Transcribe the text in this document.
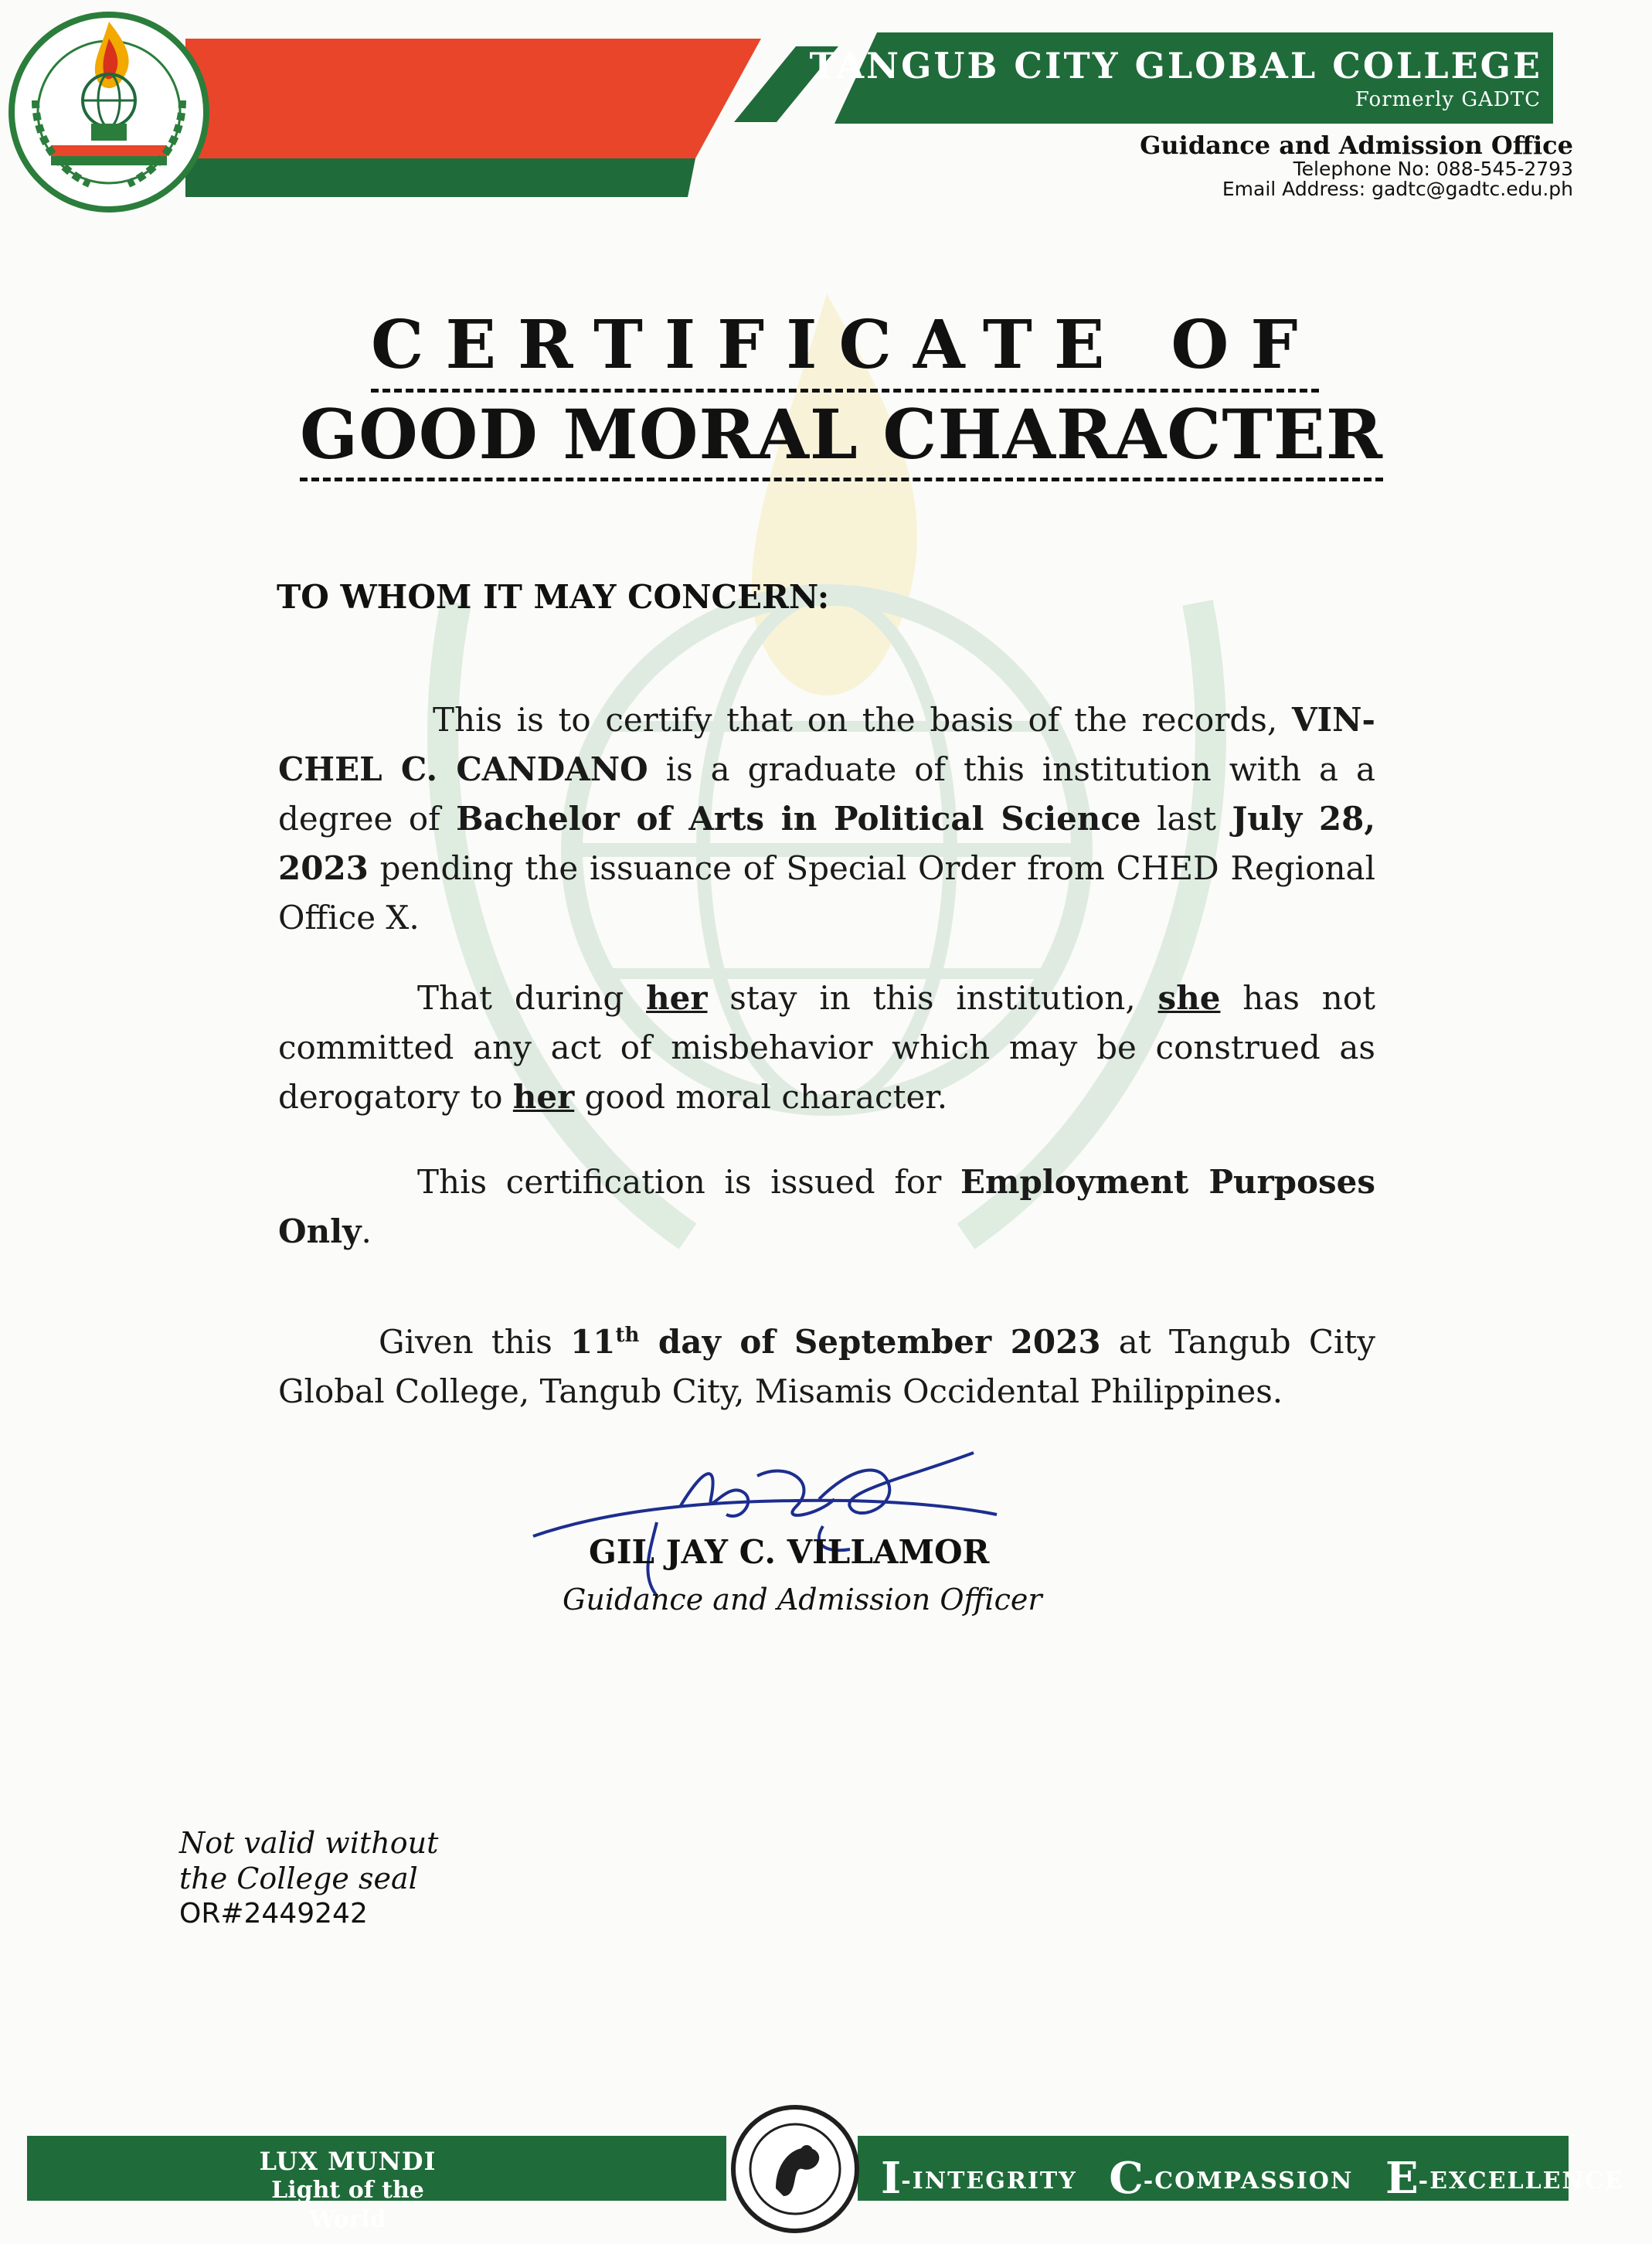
TANGUB CITY GLOBAL COLLEGE
Formerly GADTC
Guidance and Admission Office
Telephone No: 088-545-2793
Email Address: gadtc@gadtc.edu.ph
CERTIFICATE OF
GOOD MORAL CHARACTER
TO WHOM IT MAY CONCERN:
This is to certify that on the basis of the records, VIN-CHEL C. CANDANO is a graduate of this institution with a a degree of Bachelor of Arts in Political Science last July 28, 2023 pending the issuance of Special Order from CHED Regional Office X.
That during her stay in this institution, she has not committed any act of misbehavior which may be construed as derogatory to her good moral character.
This certification is issued for Employment Purposes Only.
Given this 11th day of September 2023 at Tangub City Global College, Tangub City, Misamis Occidental Philippines.
GIL JAY C. VILLAMOR
Guidance and Admission Officer
Not valid without
the College seal
OR#2449242
LUX MUNDI
Light of the World
I-INTEGRITY C-COMPASSION E-EXCELLENCE
